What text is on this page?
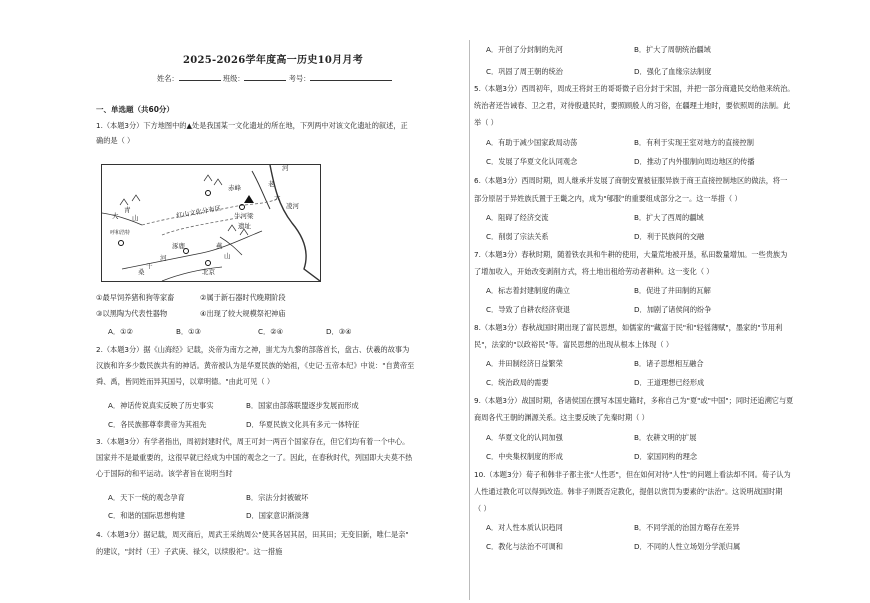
2025-2026学年度高一历史10月月考
姓名：	班级：	考号：
一、单选题（共60分）
1.（本题3分）下方地图中的▲处是我国某一文化遗址的所在地，下列两中对该文化遗址的叙述，正
确的是（ ）
河
老
大
赤峰
凌河
大
青
山
呼和浩特
红山文化分布区 牛河梁
遗址
燕
山
涿鹿
北京
桑
干
河
①最早饲养猪和狗等家畜	②属于新石器时代晚期阶段
③以黑陶为代表性器物	④出现了较大规模祭祀神庙
A．①②	B．①③	C．②④	D．③④
2.（本题3分）据《山海经》记载，炎帝为南方之神，蚩尤为九黎的部落首长，盘古、伏羲的故事为
汉族和许多少数民族共有的神话。黄帝被认为是华夏民族的始祖，《史记·五帝本纪》中说："自黄帝至
舜、禹，皆同姓而异其国号，以章明德。"由此可见（ ）
A．神话传说真实反映了历史事实	B．国家由部落联盟逐步发展而形成
C．各民族都尊奉黄帝为其祖先	D．华夏民族文化具有多元一体特征
3.（本题3分）有学者指出，周初封建时代，周王可封一两百个国家存在，但它们均有着一个中心。
国家并不是最重要的，这很早就已经成为中国的观念之一了。因此，在春秋时代，列国即大夫莫不热
心于国际的和平运动。该学者旨在说明当时
A．天下一统的观念孕育	B．宗法分封被破坏
C．和谐的国际思想构建	D．国家意识渐淡薄
4.（本题3分）据记载，周灭商后，周武王采纳周公"使其各居其居，田其田；无变旧新，唯仁是亲"
的建议，"封纣（王）子武庚、禄父，以续殷祀"。这一措施
A．开创了分封制的先河	B．扩大了周朝统治疆域
C．巩固了周王朝的统治	D．强化了血缘宗法制度
5.（本题3分）西周初年，周成王将封王的哥哥微子启分封于宋国，并把一部分商遗民交给他来统治。
统治者还告诫春、卫之君，对待殷遗民时，要照顾殷人的习俗，在疆理土地时，要依照周的法制。此
举（ ）
A．有助于减少国家政局动荡	B．有利于实现王室对地方的直接控制
C．发展了华夏文化认同观念	D．推动了内外服制向周边地区的传播
6.（本题3分）西周时期，周人继承并发展了商朝安置被征服异族于商王直接控制地区的做法，将一
部分原居于异姓族氏置于王畿之内，成为"郇服"的重要组成部分之一。这一举措（ ）
A．阻碍了经济交流	B．扩大了西周的疆域
C．削弱了宗法关系	D．利于民族间的交融
7.（本题3分）春秋时期，随着铁农具和牛耕的使用，大量荒地被开垦，私田数量增加。一些贵族为
了增加收入，开始改变剥削方式，将土地出租给劳动者耕种。这一变化（ ）
A．标志着封建制度的确立	B．促进了井田制的瓦解
C．导致了自耕农经济衰退	D．加剧了诸侯间的纷争
8.（本题3分）春秋战国时期出现了富民思想，如儒家的"藏富于民"和"轻徭薄赋"，墨家的"节用利
民"，法家的"以政裕民"等。富民思想的出现从根本上体现（ ）
A．井田制经济日益繁荣	B．诸子思想相互融合
C．统治政局的需要	D．王道理想已经形成
9.（本题3分）战国时期，各诸侯国在撰写本国史籍时，多称自己为"夏"或"中国"；同时还追溯它与夏
商周各代王朝的渊源关系。这主要反映了先秦时期（ ）
A．华夏文化的认同加强	B．农耕文明的扩展
C．中央集权制度的形成	D．家国同构的理念
10.（本题3分）荀子和韩非子都主张"人性恶"，但在如何对待"人性"的问题上看法却不同。荀子认为
人性通过教化可以得到改造。韩非子则既否定教化，提倡以赏罚为要素的"法治"。这说明战国时期
（ ）
A．对人性本质认识趋同	B．不同学派的治国方略存在差异
C．教化与法治不可调和	D．不同的人性立场划分学派归属
